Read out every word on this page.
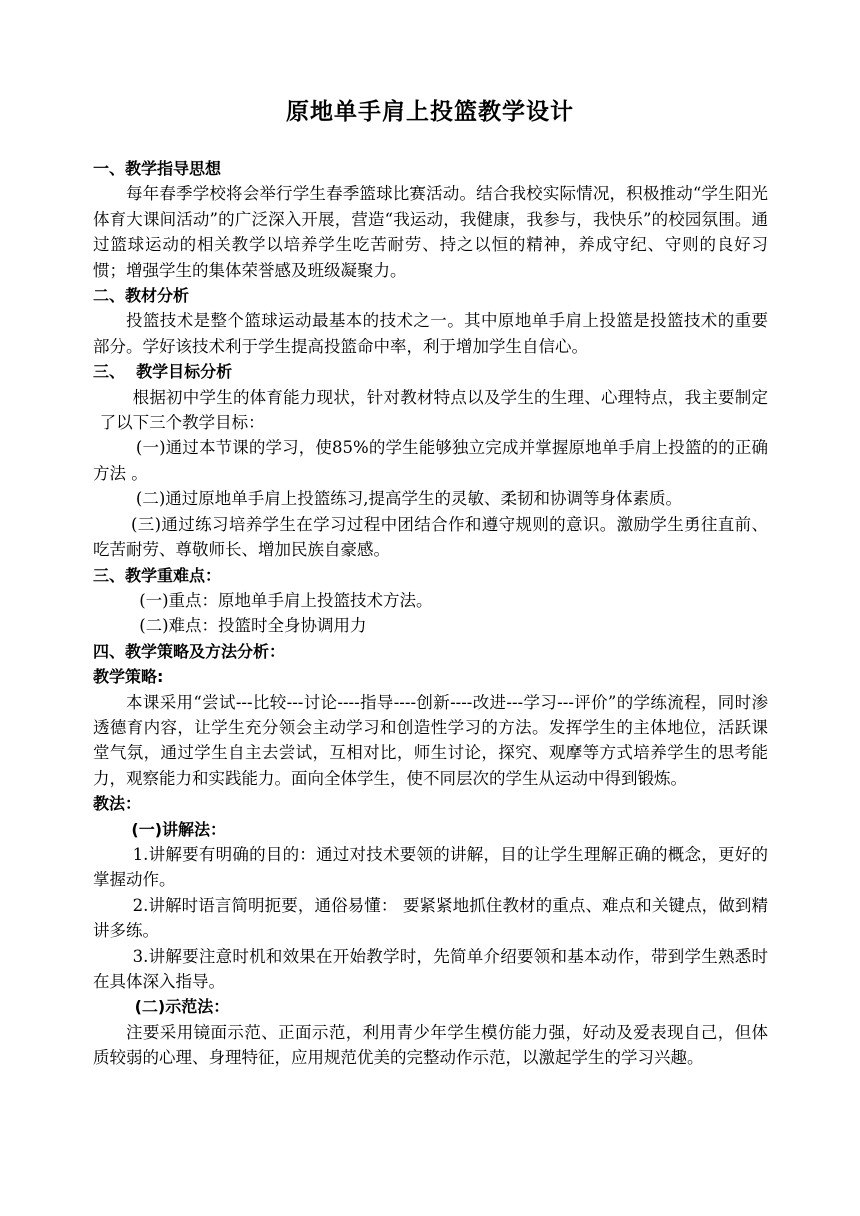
原地单手肩上投篮教学设计

一、教学指导思想

每年春季学校将会举行学生春季篮球比赛活动。结合我校实际情况，积极推动“学生阳光体育大课间活动”的广泛深入开展，营造“我运动，我健康，我参与，我快乐”的校园氛围。通过篮球运动的相关教学以培养学生吃苦耐劳、持之以恒的精神，养成守纪、守则的良好习惯；增强学生的集体荣誉感及班级凝聚力。

二、教材分析

投篮技术是整个篮球运动最基本的技术之一。其中原地单手肩上投篮是投篮技术的重要部分。学好该技术利于学生提高投篮命中率，利于增加学生自信心。

三、  教学目标分析

根据初中学生的体育能力现状，针对教材特点以及学生的生理、心理特点，我主要制定了以下三个教学目标：

(一)通过本节课的学习，使85%的学生能够独立完成并掌握原地单手肩上投篮的的正确方法 。

(二)通过原地单手肩上投篮练习,提高学生的灵敏、柔韧和协调等身体素质。

(三)通过练习培养学生在学习过程中团结合作和遵守规则的意识。激励学生勇往直前、吃苦耐劳、尊敬师长、增加民族自豪感。

三、教学重难点：

(一)重点：原地单手肩上投篮技术方法。

(二)难点：投篮时全身协调用力

四、教学策略及方法分析：

教学策略:

本课采用“尝试---比较---讨论----指导----创新----改进---学习---评价”的学练流程，同时渗透德育内容，让学生充分领会主动学习和创造性学习的方法。发挥学生的主体地位，活跃课堂气氛，通过学生自主去尝试，互相对比，师生讨论，探究、观摩等方式培养学生的思考能力，观察能力和实践能力。面向全体学生，使不同层次的学生从运动中得到锻炼。

教法：

(一)讲解法：

1.讲解要有明确的目的：通过对技术要领的讲解，目的让学生理解正确的概念，更好的掌握动作。

2.讲解时语言简明扼要，通俗易懂： 要紧紧地抓住教材的重点、难点和关键点，做到精讲多练。

3.讲解要注意时机和效果在开始教学时，先简单介绍要领和基本动作，带到学生熟悉时在具体深入指导。

(二)示范法：

注要采用镜面示范、正面示范，利用青少年学生模仿能力强，好动及爱表现自己，但体质较弱的心理、身理特征，应用规范优美的完整动作示范，以激起学生的学习兴趣。
